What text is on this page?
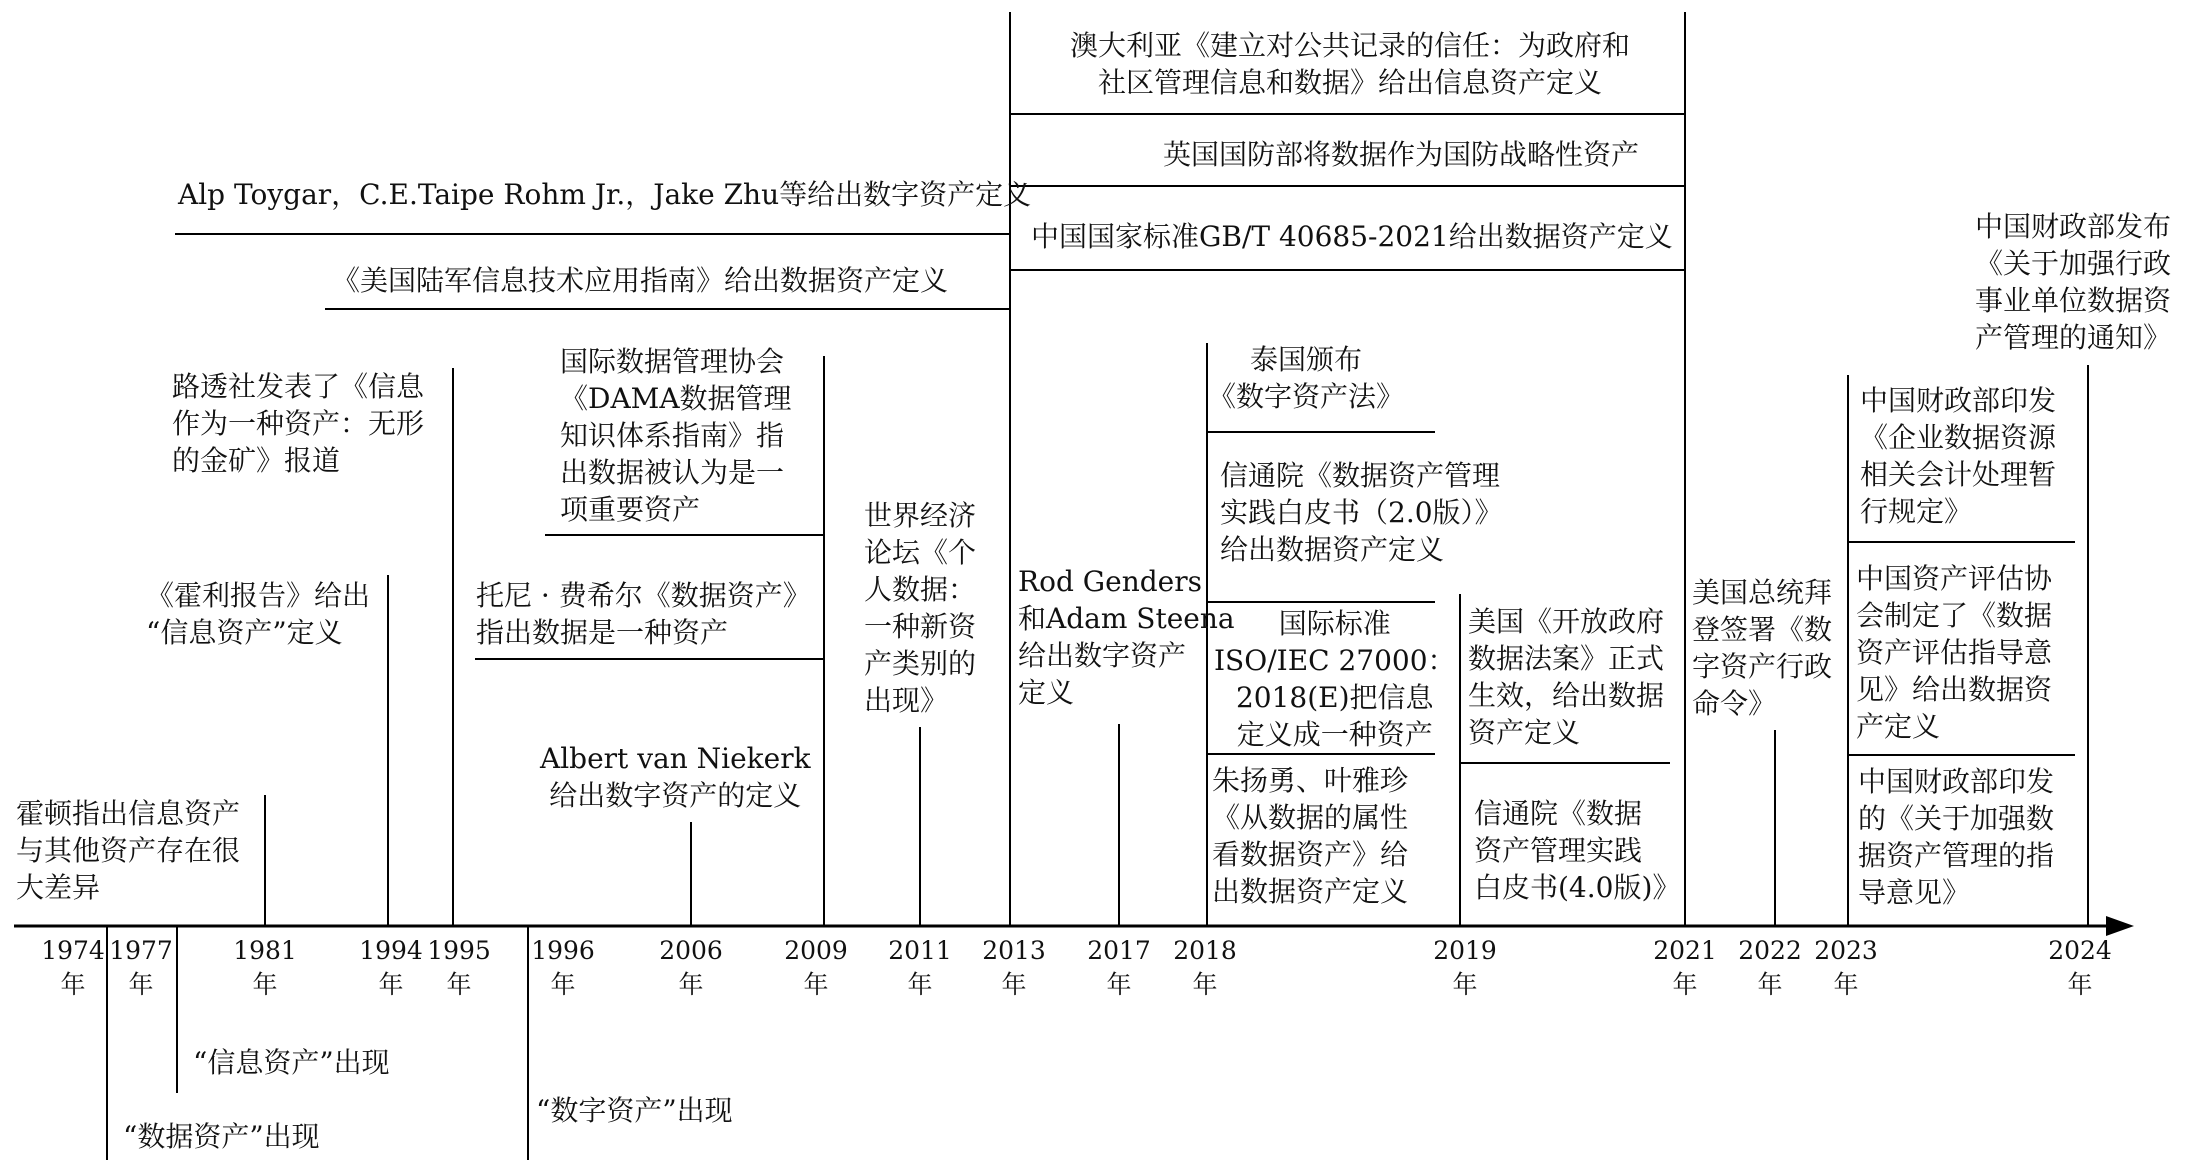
1974
年
1977
年
1981
年
1994
年
1995
年
1996
年
2006
年
2009
年
2011
年
2013
年
2017
年
2018
年
2019
年
2021
年
2022
年
2023
年
2024
年
霍顿指出信息资产
与其他资产存在很
大差异
《霍利报告》给出
“信息资产”定义
路透社发表了《信息
作为一种资产：无形
的金矿》报道
Alp Toygar，C.E.Taipe Rohm Jr.，Jake Zhu等给出数字资产定义
《美国陆军信息技术应用指南》给出数据资产定义
国际数据管理协会
《DAMA数据管理
知识体系指南》指
出数据被认为是一
项重要资产
托尼 · 费希尔《数据资产》
指出数据是一种资产
Albert van Niekerk
给出数字资产的定义
世界经济
论坛《个
人数据：
一种新资
产类别的
出现》
Rod Genders
和Adam Steena
给出数字资产
定义
澳大利亚《建立对公共记录的信任：为政府和
社区管理信息和数据》给出信息资产定义
英国国防部将数据作为国防战略性资产
中国国家标准GB/T 40685-2021给出数据资产定义
泰国颁布
《数字资产法》
信通院《数据资产管理
实践白皮书（2.0版）》
给出数据资产定义
国际标准
ISO/IEC 27000：
2018(E)把信息
定义成一种资产
朱扬勇、叶雅珍
《从数据的属性
看数据资产》给
出数据资产定义
美国《开放政府
数据法案》正式
生效，给出数据
资产定义
信通院《数据
资产管理实践
白皮书(4.0版)》
美国总统拜
登签署《数
字资产行政
命令》
中国财政部印发
《企业数据资源
相关会计处理暂
行规定》
中国资产评估协
会制定了《数据
资产评估指导意
见》给出数据资
产定义
中国财政部印发
的《关于加强数
据资产管理的指
导意见》
中国财政部发布
《关于加强行政
事业单位数据资
产管理的通知》
“信息资产”出现
“数据资产”出现
“数字资产”出现
